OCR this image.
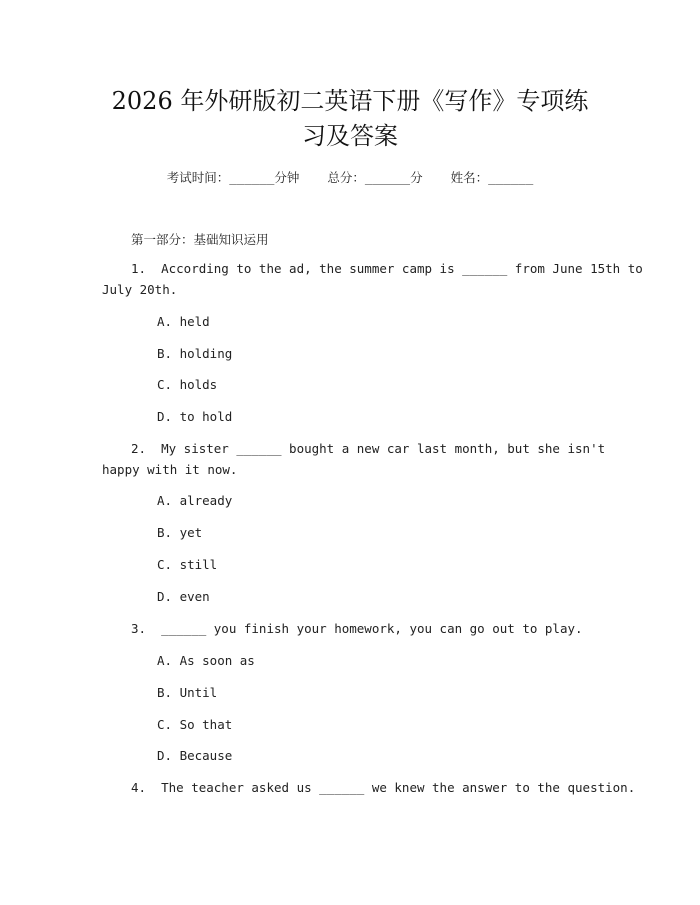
2026 年外研版初二英语下册《写作》专项练
习及答案
考试时间：______分钟 总分：______分 姓名：______
第一部分：基础知识运用
1.  According to the ad, the summer camp is ______ from June 15th to
July 20th.
A. held
B. holding
C. holds
D. to hold
2.  My sister ______ bought a new car last month, but she isn't
happy with it now.
A. already
B. yet
C. still
D. even
3.  ______ you finish your homework, you can go out to play.
A. As soon as
B. Until
C. So that
D. Because
4.  The teacher asked us ______ we knew the answer to the question.
